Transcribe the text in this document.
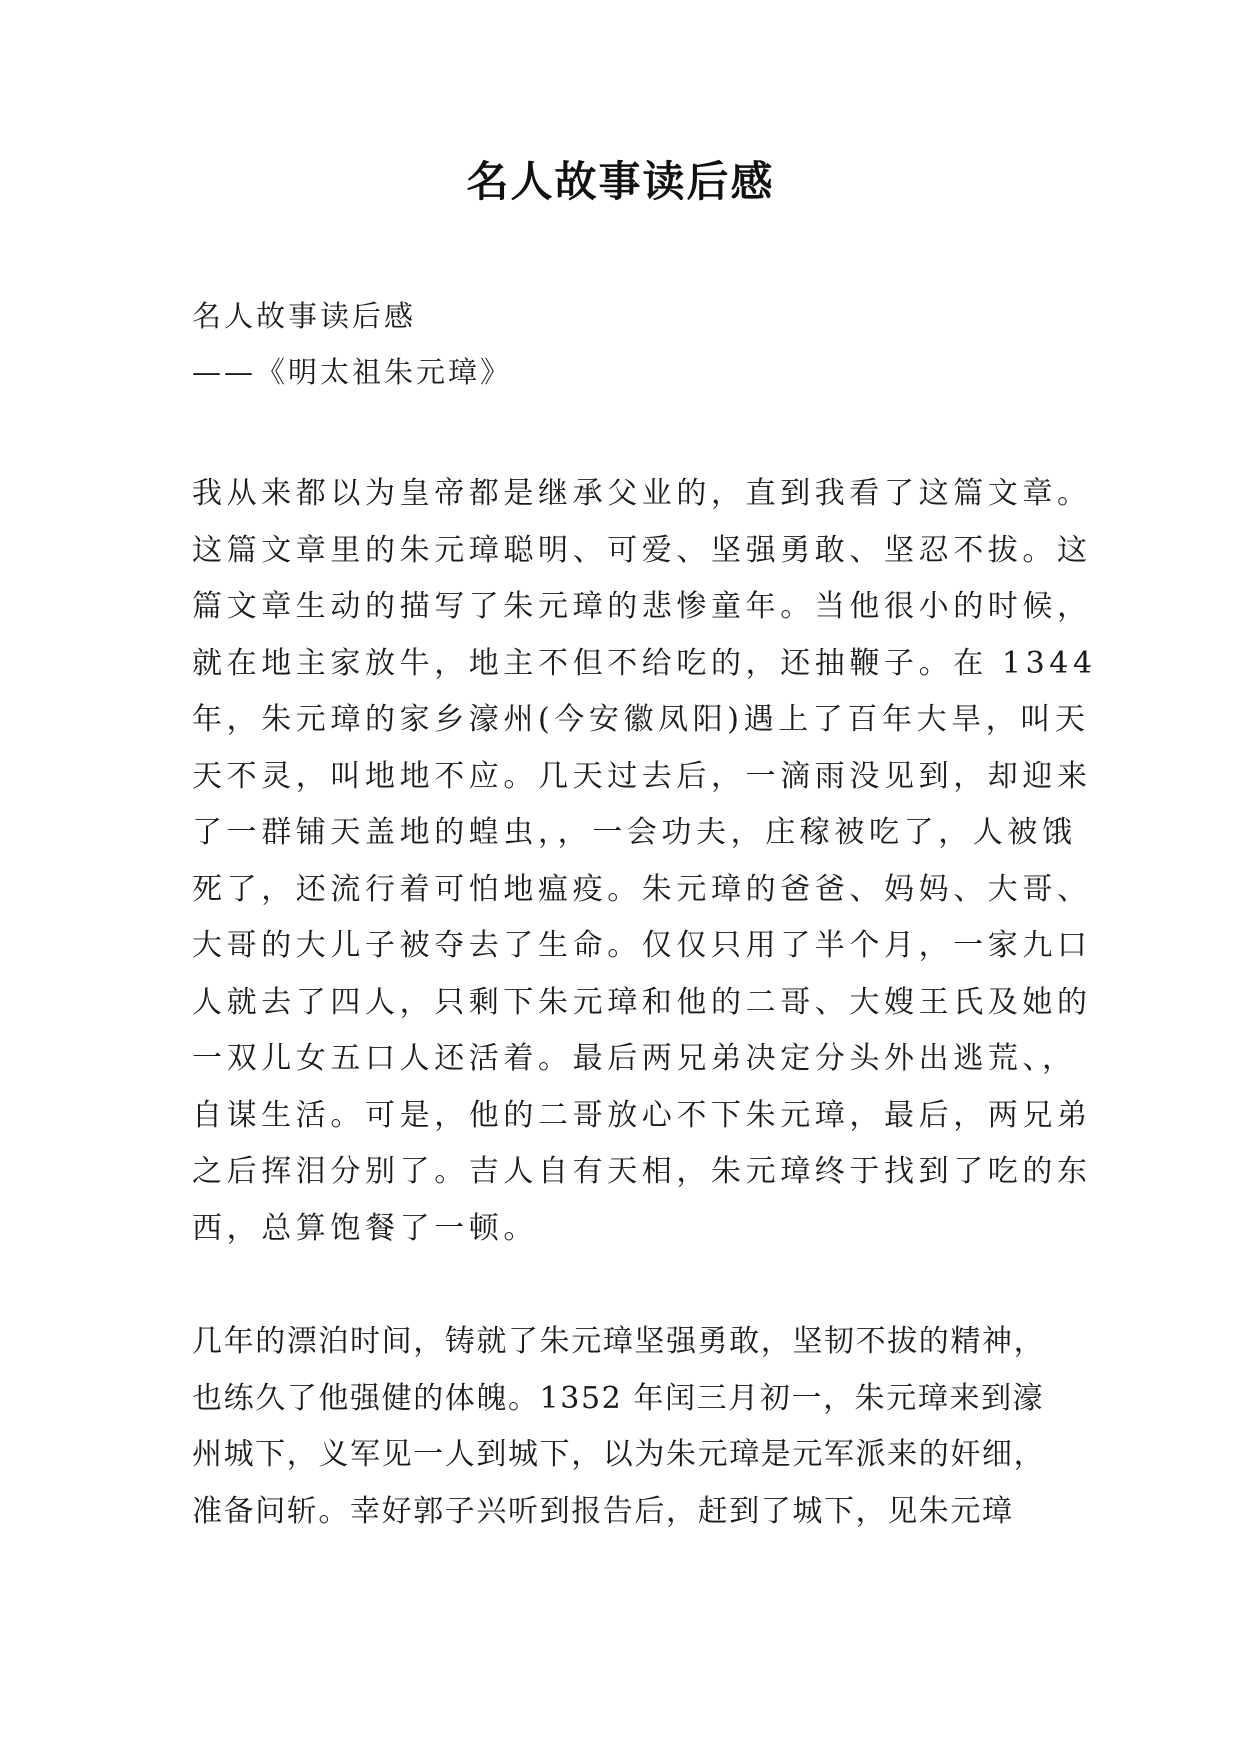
名人故事读后感

名人故事读后感

——《明太祖朱元璋》

我从来都以为皇帝都是继承父业的，直到我看了这篇文章。
这篇文章里的朱元璋聪明、可爱、坚强勇敢、坚忍不拔。这
篇文章生动的描写了朱元璋的悲惨童年。当他很小的时候，
就在地主家放牛，地主不但不给吃的，还抽鞭子。在 1344
年，朱元璋的家乡濠州(今安徽凤阳)遇上了百年大旱，叫天
天不灵，叫地地不应。几天过去后，一滴雨没见到，却迎来
了一群铺天盖地的蝗虫，，一会功夫，庄稼被吃了，人被饿
死了，还流行着可怕地瘟疫。朱元璋的爸爸、妈妈、大哥、
大哥的大儿子被夺去了生命。仅仅只用了半个月，一家九口
人就去了四人，只剩下朱元璋和他的二哥、大嫂王氏及她的
一双儿女五口人还活着。最后两兄弟决定分头外出逃荒、，
自谋生活。可是，他的二哥放心不下朱元璋，最后，两兄弟
之后挥泪分别了。吉人自有天相，朱元璋终于找到了吃的东
西，总算饱餐了一顿。
几年的漂泊时间，铸就了朱元璋坚强勇敢，坚韧不拔的精神，
也练久了他强健的体魄。1352 年闰三月初一，朱元璋来到濠
州城下，义军见一人到城下，以为朱元璋是元军派来的奸细，
准备问斩。幸好郭子兴听到报告后，赶到了城下，见朱元璋
